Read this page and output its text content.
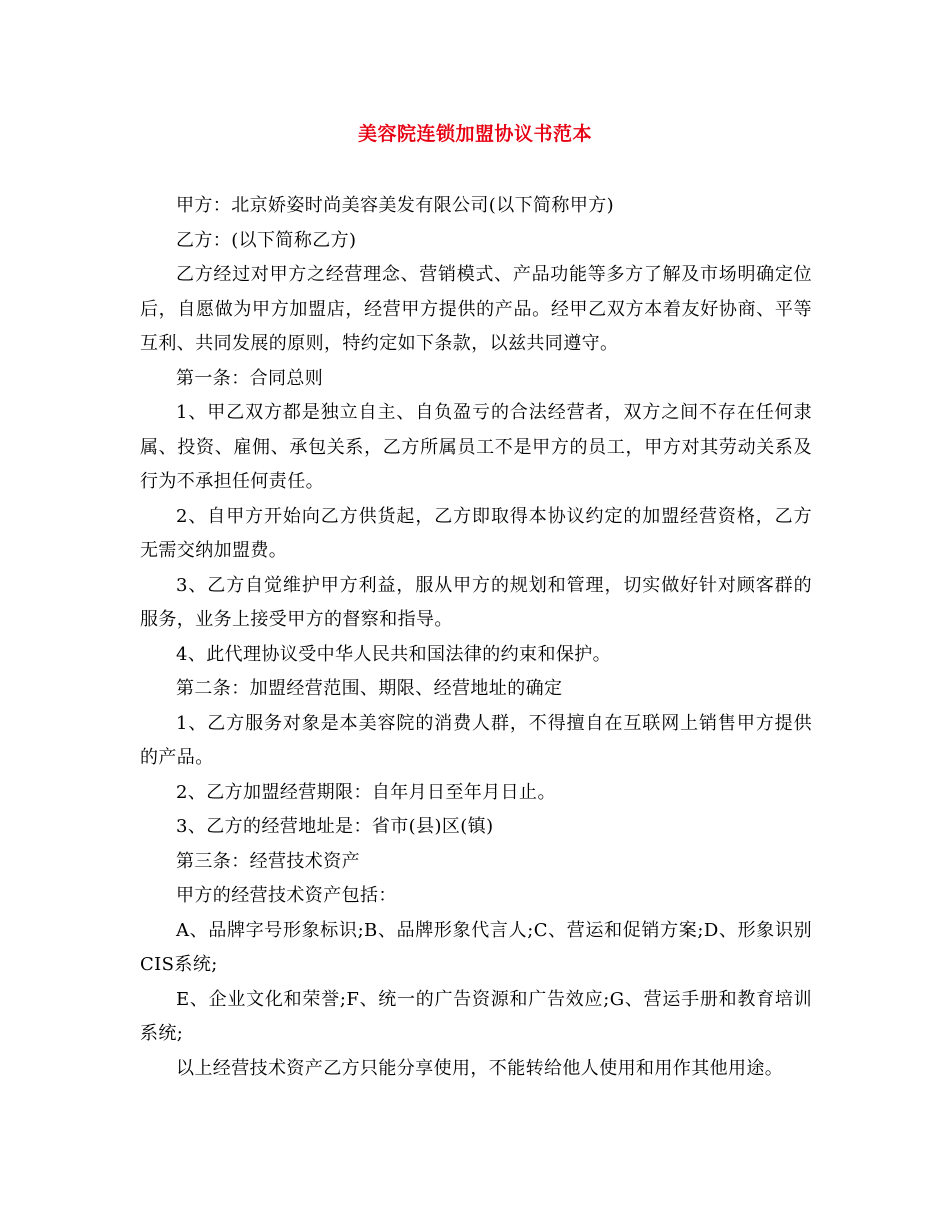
美容院连锁加盟协议书范本

甲方：北京娇姿时尚美容美发有限公司(以下简称甲方)

乙方：(以下简称乙方)

乙方经过对甲方之经营理念、营销模式、产品功能等多方了解及市场明确定位后，自愿做为甲方加盟店，经营甲方提供的产品。经甲乙双方本着友好协商、平等互利、共同发展的原则，特约定如下条款，以兹共同遵守。

第一条：合同总则

1、甲乙双方都是独立自主、自负盈亏的合法经营者，双方之间不存在任何隶属、投资、雇佣、承包关系，乙方所属员工不是甲方的员工，甲方对其劳动关系及行为不承担任何责任。

2、自甲方开始向乙方供货起，乙方即取得本协议约定的加盟经营资格，乙方无需交纳加盟费。

3、乙方自觉维护甲方利益，服从甲方的规划和管理，切实做好针对顾客群的服务，业务上接受甲方的督察和指导。

4、此代理协议受中华人民共和国法律的约束和保护。

第二条：加盟经营范围、期限、经营地址的确定

1、乙方服务对象是本美容院的消费人群，不得擅自在互联网上销售甲方提供的产品。

2、乙方加盟经营期限：自年月日至年月日止。

3、乙方的经营地址是：省市(县)区(镇)

第三条：经营技术资产

甲方的经营技术资产包括：

A、品牌字号形象标识;B、品牌形象代言人;C、营运和促销方案;D、形象识别CIS系统;

E、企业文化和荣誉;F、统一的广告资源和广告效应;G、营运手册和教育培训系统;

以上经营技术资产乙方只能分享使用，不能转给他人使用和用作其他用途。
